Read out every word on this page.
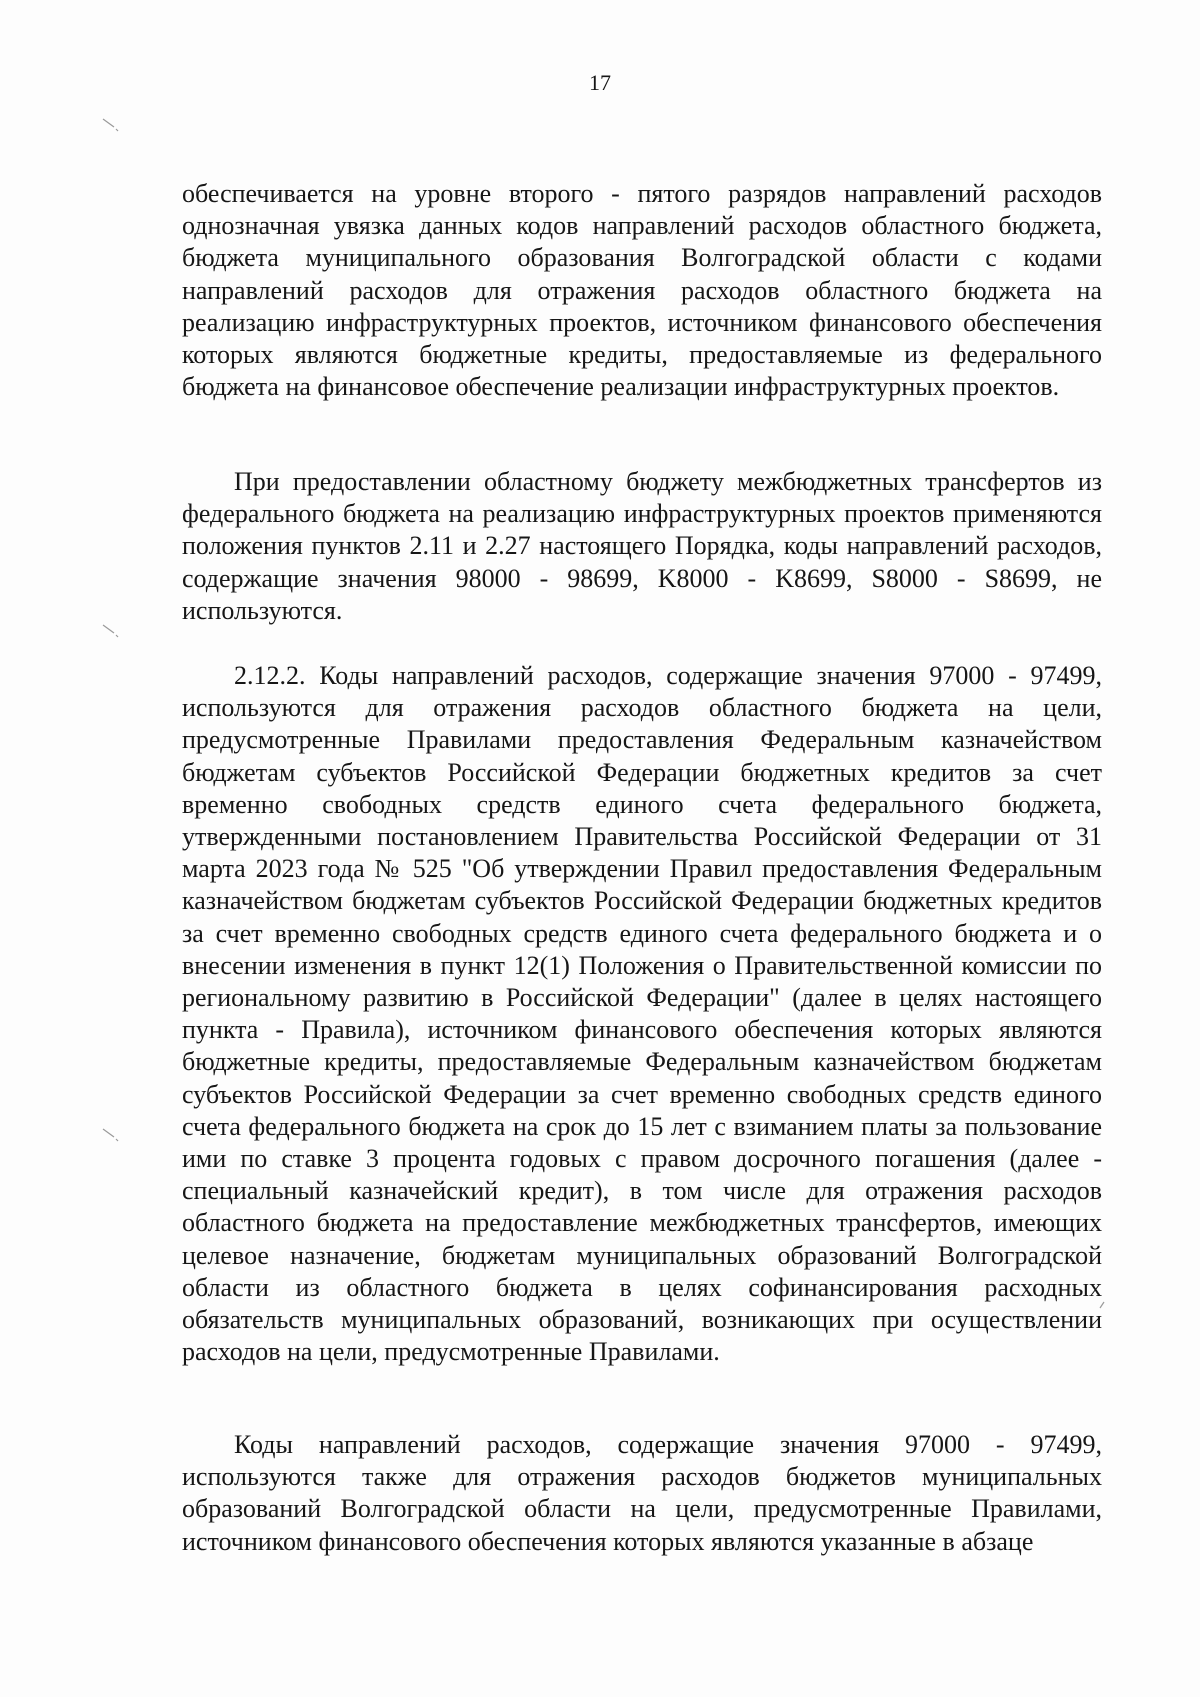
17

обеспечивается на уровне второго - пятого разрядов направлений расходов однозначная увязка данных кодов направлений расходов областного бюджета, бюджета муниципального образования Волгоградской области с кодами направлений расходов для отражения расходов областного бюджета на реализацию инфраструктурных проектов, источником финансового обеспечения которых являются бюджетные кредиты, предоставляемые из федерального бюджета на финансовое обеспечение реализации инфраструктурных проектов.

При предоставлении областному бюджету межбюджетных трансфертов из федерального бюджета на реализацию инфраструктурных проектов применяются положения пунктов 2.11 и 2.27 настоящего Порядка, коды направлений расходов, содержащие значения 98000 - 98699, K8000 - K8699, S8000 - S8699, не используются.

2.12.2. Коды направлений расходов, содержащие значения 97000 - 97499, используются для отражения расходов областного бюджета на цели, предусмотренные Правилами предоставления Федеральным казначейством бюджетам субъектов Российской Федерации бюджетных кредитов за счет временно свободных средств единого счета федерального бюджета, утвержденными постановлением Правительства Российской Федерации от 31 марта 2023 года № 525 "Об утверждении Правил предоставления Федеральным казначейством бюджетам субъектов Российской Федерации бюджетных кредитов за счет временно свободных средств единого счета федерального бюджета и о внесении изменения в пункт 12(1) Положения о Правительственной комиссии по региональному развитию в Российской Федерации" (далее в целях настоящего пункта - Правила), источником финансового обеспечения которых являются бюджетные кредиты, предоставляемые Федеральным казначейством бюджетам субъектов Российской Федерации за счет временно свободных средств единого счета федерального бюджета на срок до 15 лет с взиманием платы за пользование ими по ставке 3 процента годовых с правом досрочного погашения (далее - специальный казначейский кредит), в том числе для отражения расходов областного бюджета на предоставление межбюджетных трансфертов, имеющих целевое назначение, бюджетам муниципальных образований Волгоградской области из областного бюджета в целях софинансирования расходных обязательств муниципальных образований, возникающих при осуществлении расходов на цели, предусмотренные Правилами.

Коды направлений расходов, содержащие значения 97000 - 97499, используются также для отражения расходов бюджетов муниципальных образований Волгоградской области на цели, предусмотренные Правилами, источником финансового обеспечения которых являются указанные в абзаце
